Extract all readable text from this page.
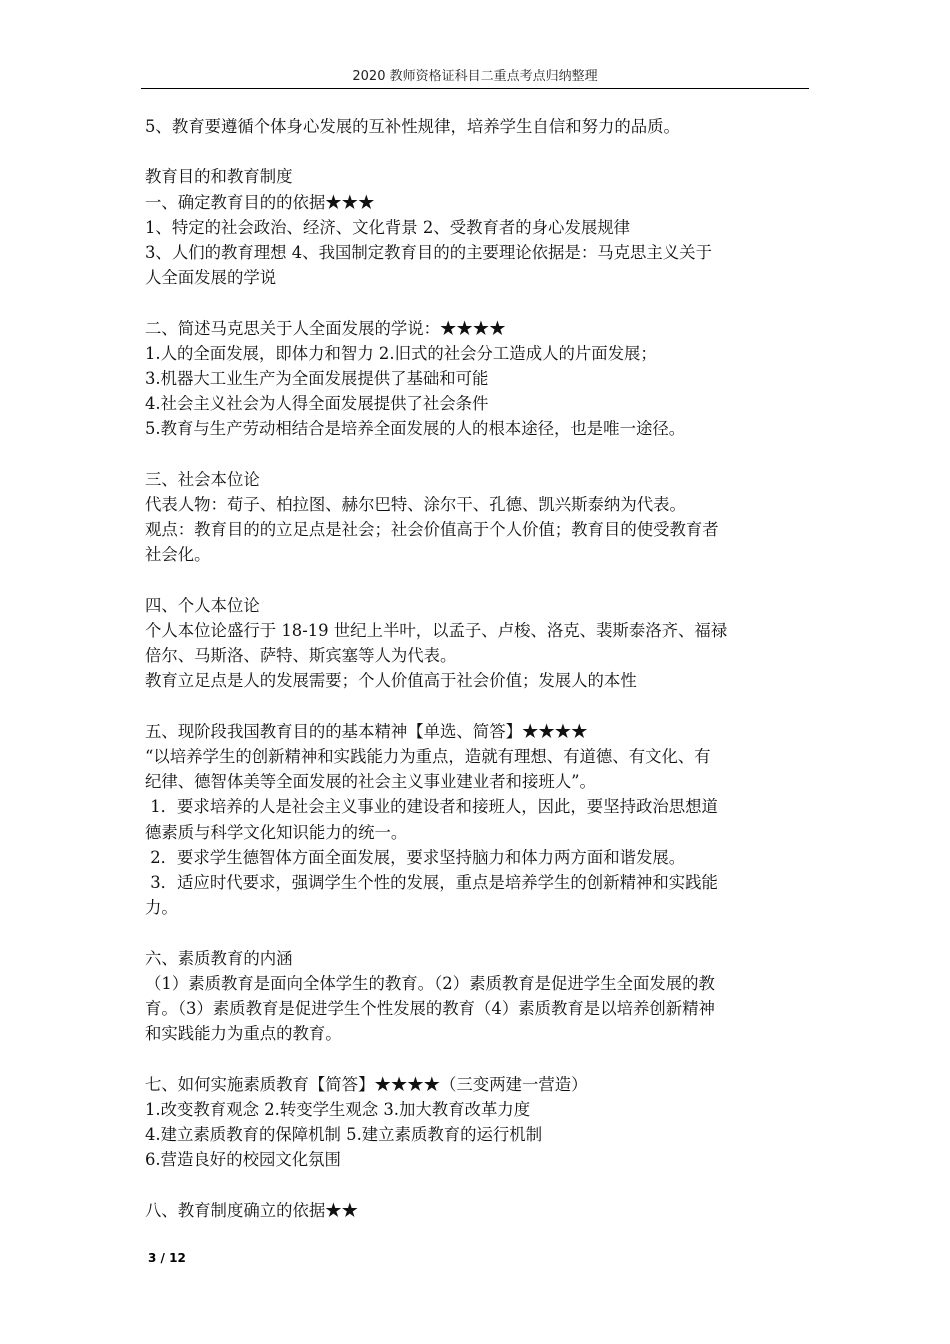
2020 教师资格证科目二重点考点归纳整理

5、教育要遵循个体身心发展的互补性规律，培养学生自信和努力的品质。

教育目的和教育制度

一、确定教育目的的依据★★★

1、特定的社会政治、经济、文化背景 2、受教育者的身心发展规律

3、人们的教育理想 4、我国制定教育目的的主要理论依据是：马克思主义关于

人全面发展的学说

二、简述马克思关于人全面发展的学说：★★★★

1.人的全面发展，即体力和智力 2.旧式的社会分工造成人的片面发展；

3.机器大工业生产为全面发展提供了基础和可能

4.社会主义社会为人得全面发展提供了社会条件

5.教育与生产劳动相结合是培养全面发展的人的根本途径，也是唯一途径。

三、社会本位论

代表人物：荀子、柏拉图、赫尔巴特、涂尔干、孔德、凯兴斯泰纳为代表。

观点：教育目的的立足点是社会；社会价值高于个人价值；教育目的使受教育者

社会化。

四、个人本位论

个人本位论盛行于 18-19 世纪上半叶，以孟子、卢梭、洛克、裴斯泰洛齐、福禄

倍尔、马斯洛、萨特、斯宾塞等人为代表。

教育立足点是人的发展需要；个人价值高于社会价值；发展人的本性

五、现阶段我国教育目的的基本精神【单选、简答】★★★★

“以培养学生的创新精神和实践能力为重点，造就有理想、有道德、有文化、有

纪律、德智体美等全面发展的社会主义事业建业者和接班人”。

1．要求培养的人是社会主义事业的建设者和接班人，因此，要坚持政治思想道

德素质与科学文化知识能力的统一。

2．要求学生德智体方面全面发展，要求坚持脑力和体力两方面和谐发展。

3．适应时代要求，强调学生个性的发展，重点是培养学生的创新精神和实践能

力。

六、素质教育的内涵

（1）素质教育是面向全体学生的教育。（2）素质教育是促进学生全面发展的教

育。（3）素质教育是促进学生个性发展的教育（4）素质教育是以培养创新精神

和实践能力为重点的教育。

七、如何实施素质教育【简答】★★★★（三变两建一营造）

1.改变教育观念 2.转变学生观念 3.加大教育改革力度

4.建立素质教育的保障机制 5.建立素质教育的运行机制

6.营造良好的校园文化氛围

八、教育制度确立的依据★★

3 / 12
